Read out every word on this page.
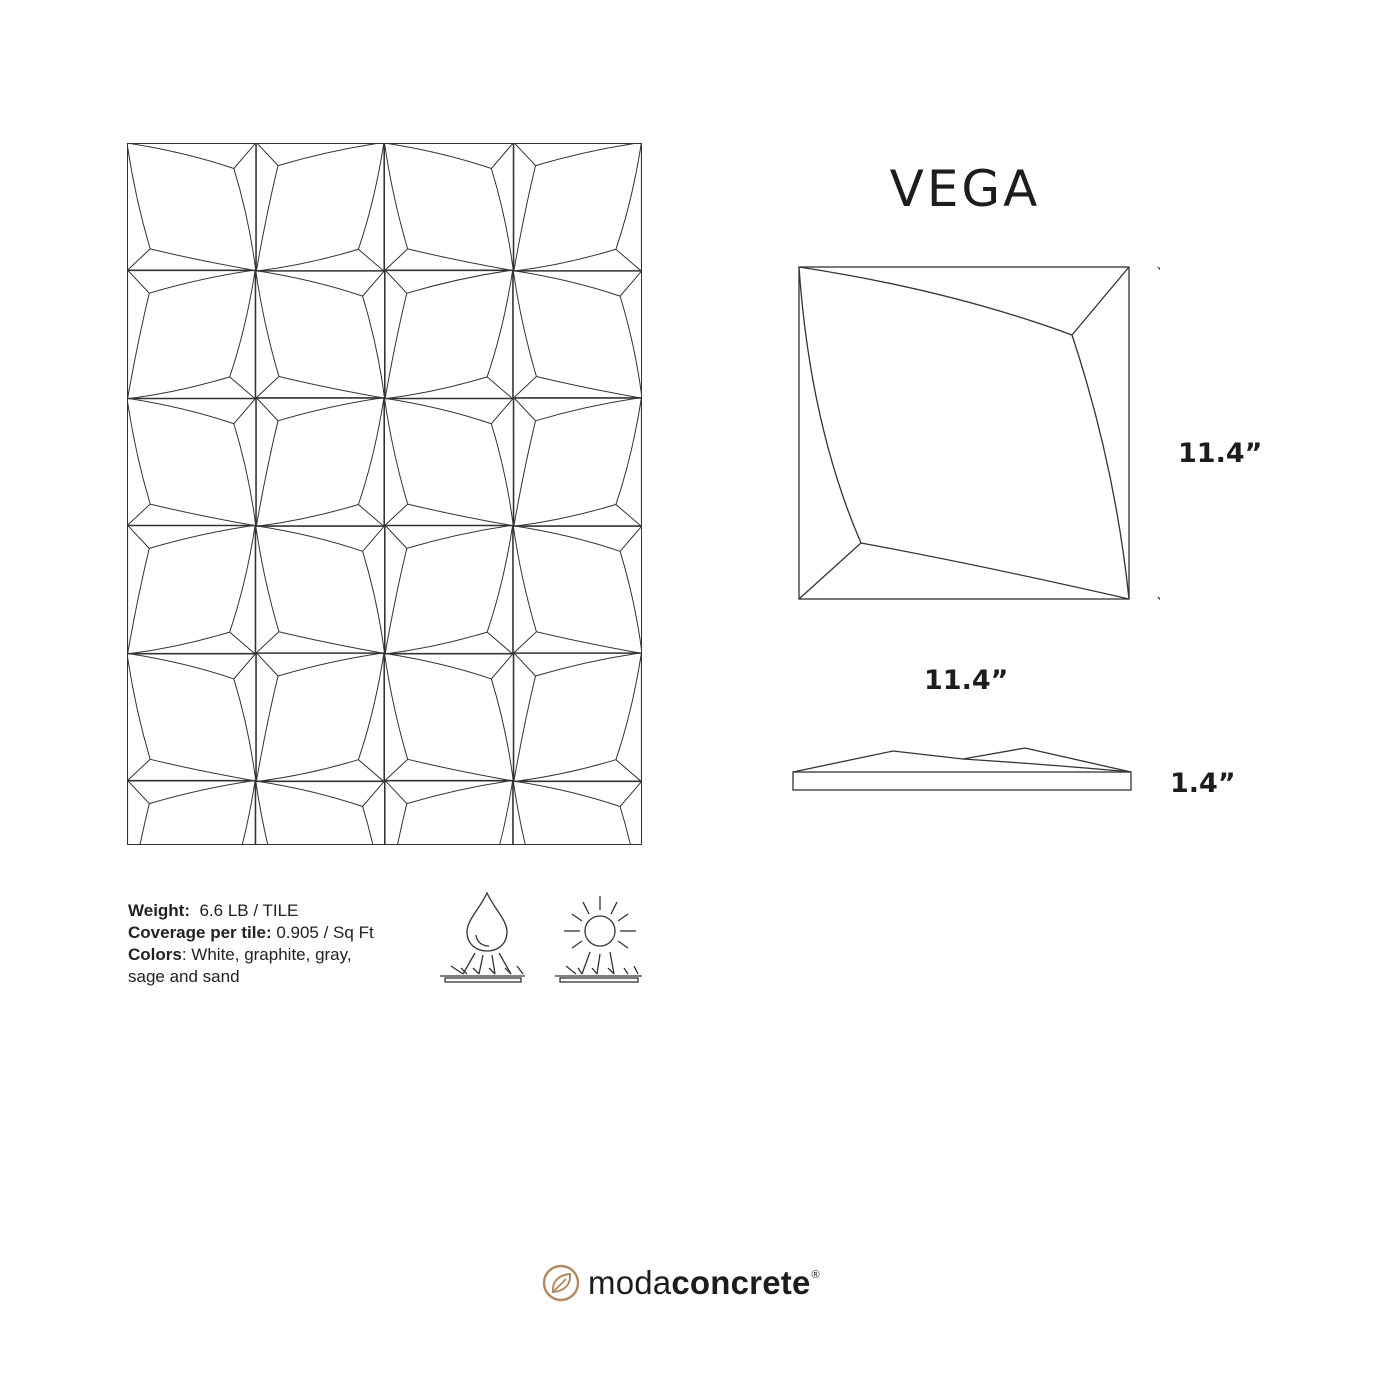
VEGA
11.4”
11.4”
1.4”
Weight: 6.6 LB / TILE
Coverage per tile: 0.905 / Sq Ft
Colors: White, graphite, gray,
sage and sand
modaconcrete®
